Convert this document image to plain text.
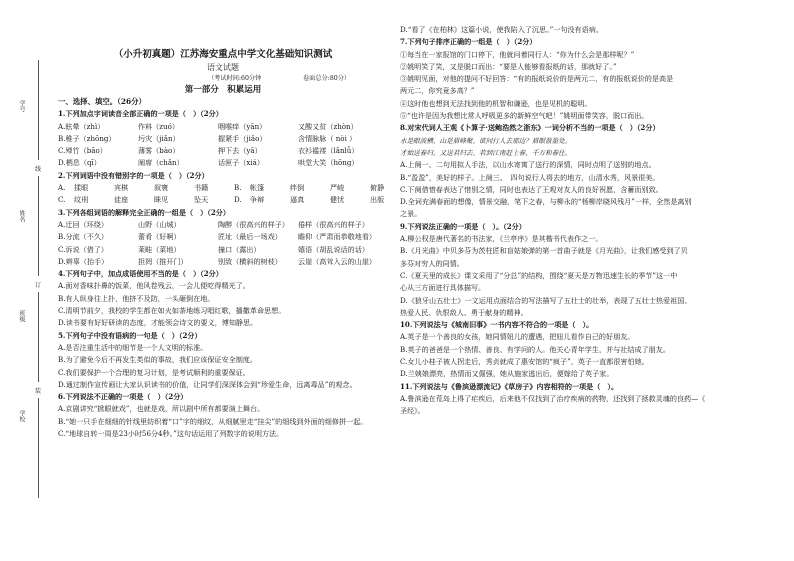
学号
姓名
班级
学校
线
订
装
（小升初真题）江苏海安重点中学文化基础知识测试
语文试题
（考试时间:60分钟	卷面总分:80分）
第一部分　积累运用
一、选择、填空。（26分）
1.下列加点字词读音全部正确的一项是（　）（2分）
A.眩晕（zhì）	作料（zuó）	咽喉痒（yān）	又酸又贫（zhòn）
B.稚子（zhōng）	圬灾（jiǎn）	握紧手（jiǎo）	含情脉脉（ nòi ）
C.殚竹（bāo）	薄雾（bào）	押下去（yā）	衣衫褴褛（lǎnlǚ）
D.栖息（qī）	阐席（chǎn）	话匣子（xiá）	哄堂大笑（hōng）
2.下列词语中没有错别字的一项是（　）（2分）
A. 揉眼	宾棋	叙寰	书籍	B. 帐篷	绊倒	严峻	俯静
C. 纹刑	徒座	眯见	坠天	D. 争辩	逼真	健忧	出版
3.下列各组词语的解释完全正确的一组是（　）（2分）
A.迁回（环绕）	山野（山城）	陶醉（很高兴的样子） 倦样（很高兴的样子）
B.分流（不久）	蕾肴（好啊）	匠址（最后一场戏） 瞻仰（严肃而恭敬地看）
C.诉说（借了）	莱畦（菜地）	撞口（露出）	嬉语（胡乱说话的话）
D.辫辜（抬手）	担罔（推开门）	别致（横斜的树枝） 云崖（高耸入云的山崖）
4.下列句子中，加点成语使用不当的是（　）（2分）
A.面对香味扑鼻的饭菜，他风卷残云，一会儿便吃得精光了。
B.有人纵身往上扑，他挤不及防，一头砸倒在地。
C.清明节前夕，我校的学生都在如火如荼地练习唱红歌，播撒革命思想。
D.读书要有好好研读的态度，才能领会诗文的要义，博知静思。
5.下列句子中没有语病的一句是（　）（2分）
A.是否注重生活中的细节是一个人文明的标准。
B.为了避免今后不再发生类似的事故，我们应该保证安全制度。
C.我们要保护一个合理的复习计划，是考试顺利的重要保证。
D.通过制作宣传画让大家认识读书的价值，让同学们深深体会到“珍爱生命，远离毒品”的观念。
6.下列说法不正确的一项是（　）（2分）
A.京剧讲究“掀眼就戏”，也就是戏，所以剧中所有都要演上舞台。
B.“她一只手在细细的针线里纺织着“口”字的细纹，从细腻里走“挂尖”的细线到外面的细修拼一起。
C.“地球自转一周是23小时56分4秒。”这句话运用了列数字的说明方法。
D.“看了《在柏林》这篇小说，使我陷入了沉思。”一句没有语病。
7.下列句子排序正确的一组是（　）（2分）
①每当在一家报馆的门口停下，他就问着同行人：“你为什么会是那样呢？”
②姚明笑了笑，又是脱口而出：“要是人能够看报纸的话，那就好了。”
③姚明见面，对他的提问不好回答：“有的报纸说价的是两元二，有的报纸说价的是高是
两元二，你究竟多高？”
④这时他也想到无法找到他的机智和谦逊，也是见机的聪明。
⑤“也许是因为我想比常人呼吸更多的新鲜空气吧！”姚明面带笑容，脱口而出。
8.对宋代词人王观《卜算子·送鲍浩然之浙东》一词分析不当的一项是（　）（2分）
水是眼波横，山是眉峰聚。欲问行人去那边？眉眼盈盈处。
才始送春归，又送君归去。若到江南赶上春，千万和春住。
A.上阕一、二句用拟人手法，以山水寄寓了送行的深情，同时点明了送别的地点。
B.“盈盈”，美好的样子。上阕三、　四句说行人将去的地方，山清水秀，风景很美。
C.下阕借惜春表达了惜别之情，同时也表达了王观对友人的良好祝愿，含蓄而别致。
D.全词充满春面的想像，情景交融，笔下之春，与柳永的“杨柳岸晓风残月”一样，全然是离别
之景。
9.下列说法正确的一项是（　）。（2分）
A.柳公权是唐代著名的书法家，《兰亭序》是其楷书代表作之一。
B.《月光曲》中贝多芬为茨柱匠和盲姑娘弹的第一首曲子就是《月光曲》，让我们感受到了贝
多芬对穷人的同情。
C.《夏天里的成长》课文采用了“分总”的结构，围绕“夏天是万物迅速生长的季节”这一中
心从三方面进行具体描写。
D.《狼牙山五壮士》一文运用点面结合的写法描写了五壮士的壮举，表现了五壮士热爱祖国、
热爱人民、仇恨敌人、勇于献身的精神。
10.下列说法与《城南旧事》一书内容不符合的一项是（　）。
A.英子是一个善良的女孩，她同情妞儿的遭遇，把妞儿看作自己的好朋友。
B.英子的爸爸是一个热情、善良、有学问的人。他关心青年学生，并与社结成了朋友。
C.女儿小桂子被人拐走后，秀贞就成了惠安馆的“疯子”，英子一直都很害怕她。
D.兰姨娘漂亮，热情而又倔强，她从施家逃出后，便嫁给了英子家。
11.下列说法与《鲁滨逊漂流记》《草房子》内容相符的一项是（　）。
A.鲁滨逊在荒岛上得了疟疾后，后来他不仅找到了治疗疾病的药物，还找到了拯救灵魂的良药—《
圣经》。
